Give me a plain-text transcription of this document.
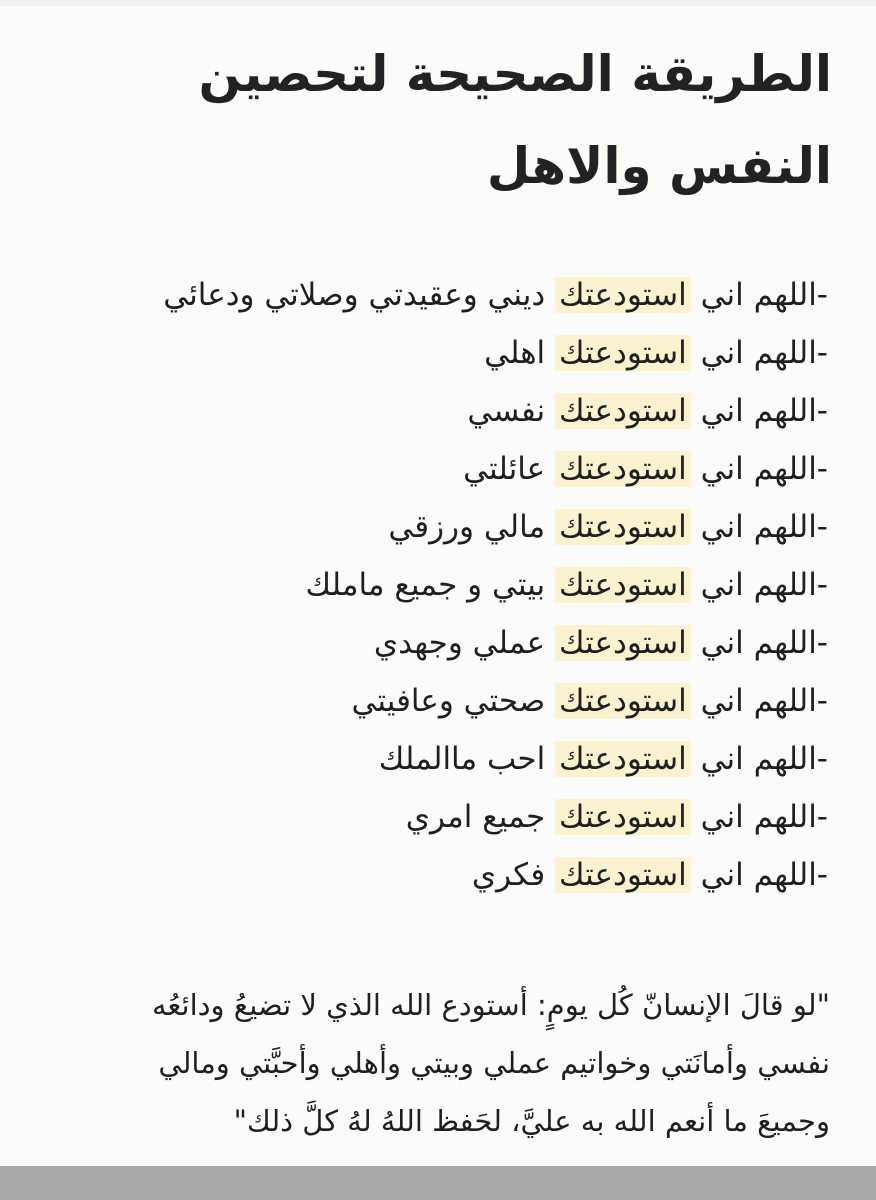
الطريقة الصحيحة لتحصين
النفس والاهل
-اللهم اني استودعتك ديني وعقيدتي وصلاتي ودعائي
-اللهم اني استودعتك اهلي
-اللهم اني استودعتك نفسي
-اللهم اني استودعتك عائلتي
-اللهم اني استودعتك مالي ورزقي
-اللهم اني استودعتك بيتي و جميع ماملك
-اللهم اني استودعتك عملي وجهدي
-اللهم اني استودعتك صحتي وعافيتي
-اللهم اني استودعتك احب ماالملك
-اللهم اني استودعتك جميع امري
-اللهم اني استودعتك فكري
"لو قالَ الإنسانّ كُل يومٍ: أستودع الله الذي لا تضيعُ ودائعُه
نفسي وأمانَتي وخواتيم عملي وبيتي وأهلي وأحبَّتي ومالي
وجميعَ ما أنعم الله به عليَّ، لحَفظ اللهُ لهُ كلَّ ذلك"
